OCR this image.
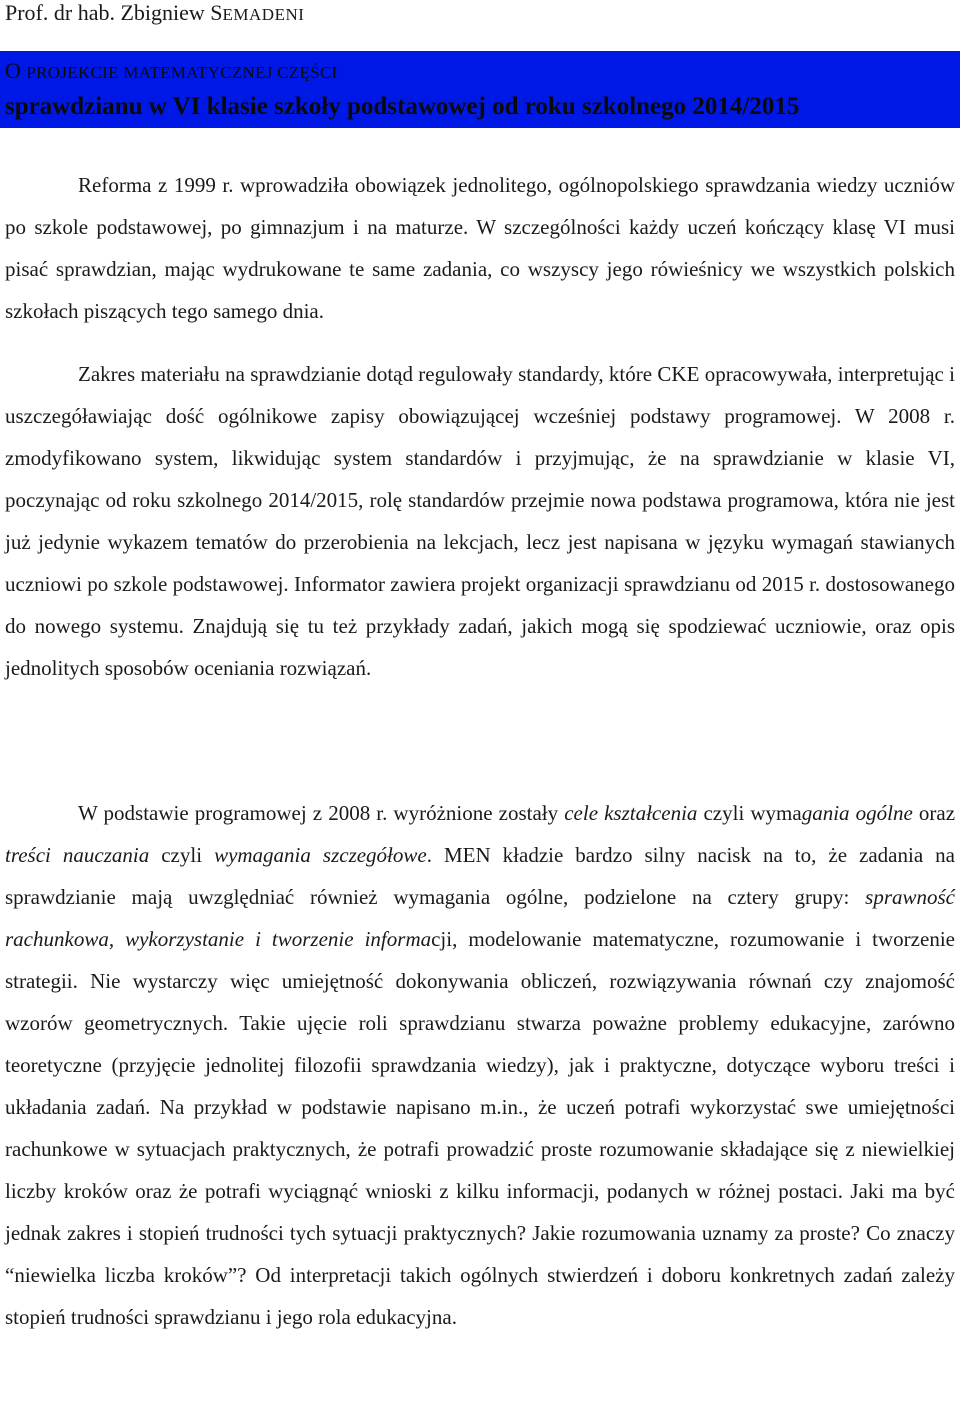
Prof. dr hab. Zbigniew SEMADENI
O PROJEKCIE MATEMATYCZNEJ CZĘŚCI
sprawdzianu w VI klasie szkoły podstawowej od roku szkolnego 2014/2015

Reforma z 1999 r. wprowadziła obowiązek jednolitego, ogólnopolskiego sprawdzania wiedzy uczniów po szkole podstawowej, po gimnazjum i na maturze. W szczególności każdy uczeń kończący klasę VI musi pisać sprawdzian, mając wydrukowane te same zadania, co wszyscy jego rówieśnicy we wszystkich polskich szkołach piszących tego samego dnia.

Zakres materiału na sprawdzianie dotąd regulowały standardy, które CKE opracowywała, interpretując i uszczegóławiając dość ogólnikowe zapisy obowiązującej wcześniej podstawy programowej. W 2008 r. zmodyfikowano system, likwidując system standardów i przyjmując, że na sprawdzianie w klasie VI, poczynając od roku szkolnego 2014/2015, rolę standardów przejmie nowa podstawa programowa, która nie jest już jedynie wykazem tematów do przerobienia na lekcjach, lecz jest napisana w języku wymagań stawianych uczniowi po szkole podstawowej. Informator zawiera projekt organizacji sprawdzianu od 2015 r. dostosowanego do nowego systemu. Znajdują się tu też przykłady zadań, jakich mogą się spodziewać uczniowie, oraz opis jednolitych sposobów oceniania rozwiązań.

W podstawie programowej z 2008 r. wyróżnione zostały cele kształcenia czyli wymagania ogólne oraz treści nauczania czyli wymagania szczegółowe. MEN kładzie bardzo silny nacisk na to, że zadania na sprawdzianie mają uwzględniać również wymagania ogólne, podzielone na cztery grupy: sprawność rachunkowa, wykorzystanie i tworzenie informacji, modelowanie matematyczne, rozumowanie i tworzenie strategii. Nie wystarczy więc umiejętność dokonywania obliczeń, rozwiązywania równań czy znajomość wzorów geometrycznych. Takie ujęcie roli sprawdzianu stwarza poważne problemy edukacyjne, zarówno teoretyczne (przyjęcie jednolitej filozofii sprawdzania wiedzy), jak i praktyczne, dotyczące wyboru treści i układania zadań. Na przykład w podstawie napisano m.in., że uczeń potrafi wykorzystać swe umiejętności rachunkowe w sytuacjach praktycznych, że potrafi prowadzić proste rozumowanie składające się z niewielkiej liczby kroków oraz że potrafi wyciągnąć wnioski z kilku informacji, podanych w różnej postaci. Jaki ma być jednak zakres i stopień trudności tych sytuacji praktycznych? Jakie rozumowania uznamy za proste? Co znaczy “niewielka liczba kroków”? Od interpretacji takich ogólnych stwierdzeń i doboru konkretnych zadań zależy stopień trudności sprawdzianu i jego rola edukacyjna.
